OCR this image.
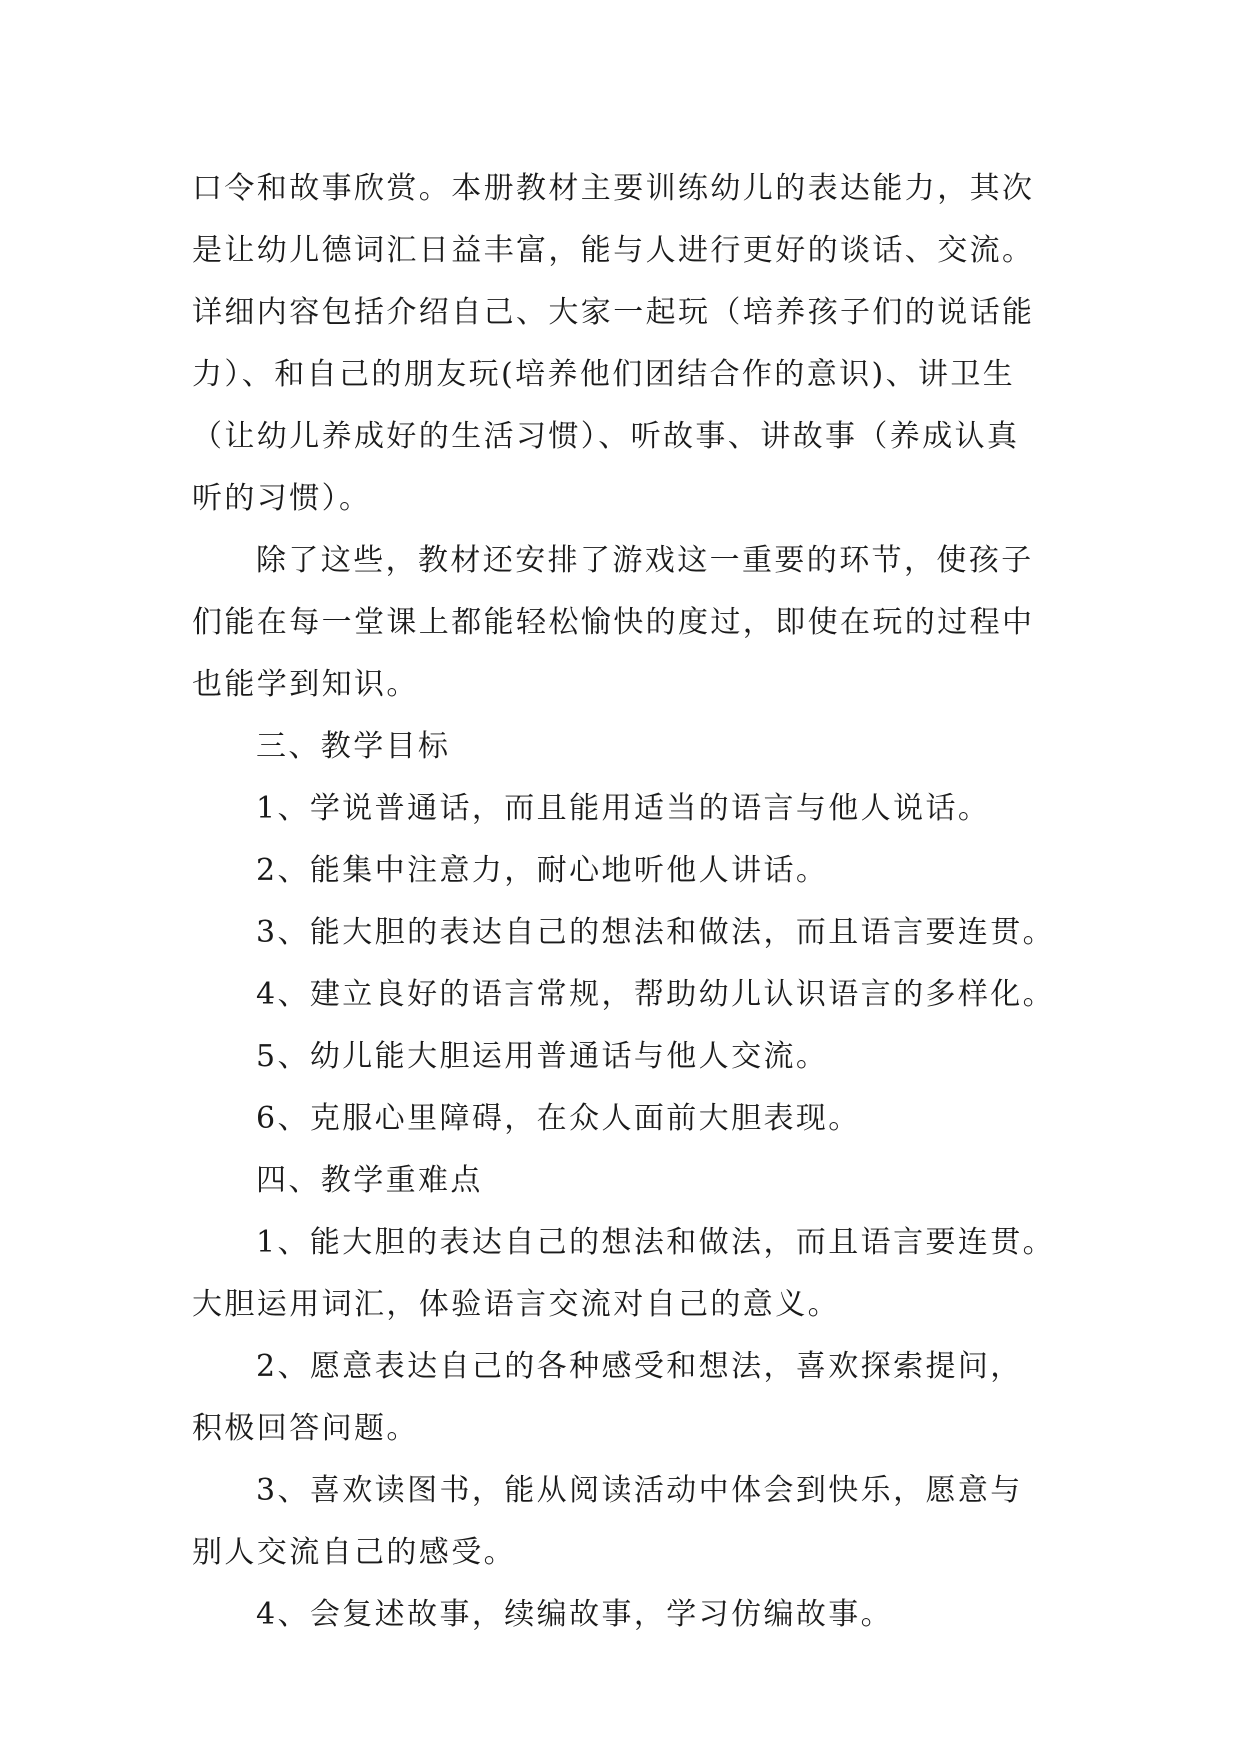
口令和故事欣赏。本册教材主要训练幼儿的表达能力，其次
是让幼儿德词汇日益丰富，能与人进行更好的谈话、交流。
详细内容包括介绍自己、大家一起玩（培养孩子们的说话能
力）、和自己的朋友玩(培养他们团结合作的意识)、讲卫生
（让幼儿养成好的生活习惯）、听故事、讲故事（养成认真
听的习惯）。
除了这些，教材还安排了游戏这一重要的环节，使孩子
们能在每一堂课上都能轻松愉快的度过，即使在玩的过程中
也能学到知识。
三、教学目标
1、学说普通话，而且能用适当的语言与他人说话。
2、能集中注意力，耐心地听他人讲话。
3、能大胆的表达自己的想法和做法，而且语言要连贯。
4、建立良好的语言常规，帮助幼儿认识语言的多样化。
5、幼儿能大胆运用普通话与他人交流。
6、克服心里障碍，在众人面前大胆表现。
四、教学重难点
1、能大胆的表达自己的想法和做法，而且语言要连贯。
大胆运用词汇，体验语言交流对自己的意义。
2、愿意表达自己的各种感受和想法，喜欢探索提问，
积极回答问题。
3、喜欢读图书，能从阅读活动中体会到快乐，愿意与
别人交流自己的感受。
4、会复述故事，续编故事，学习仿编故事。
